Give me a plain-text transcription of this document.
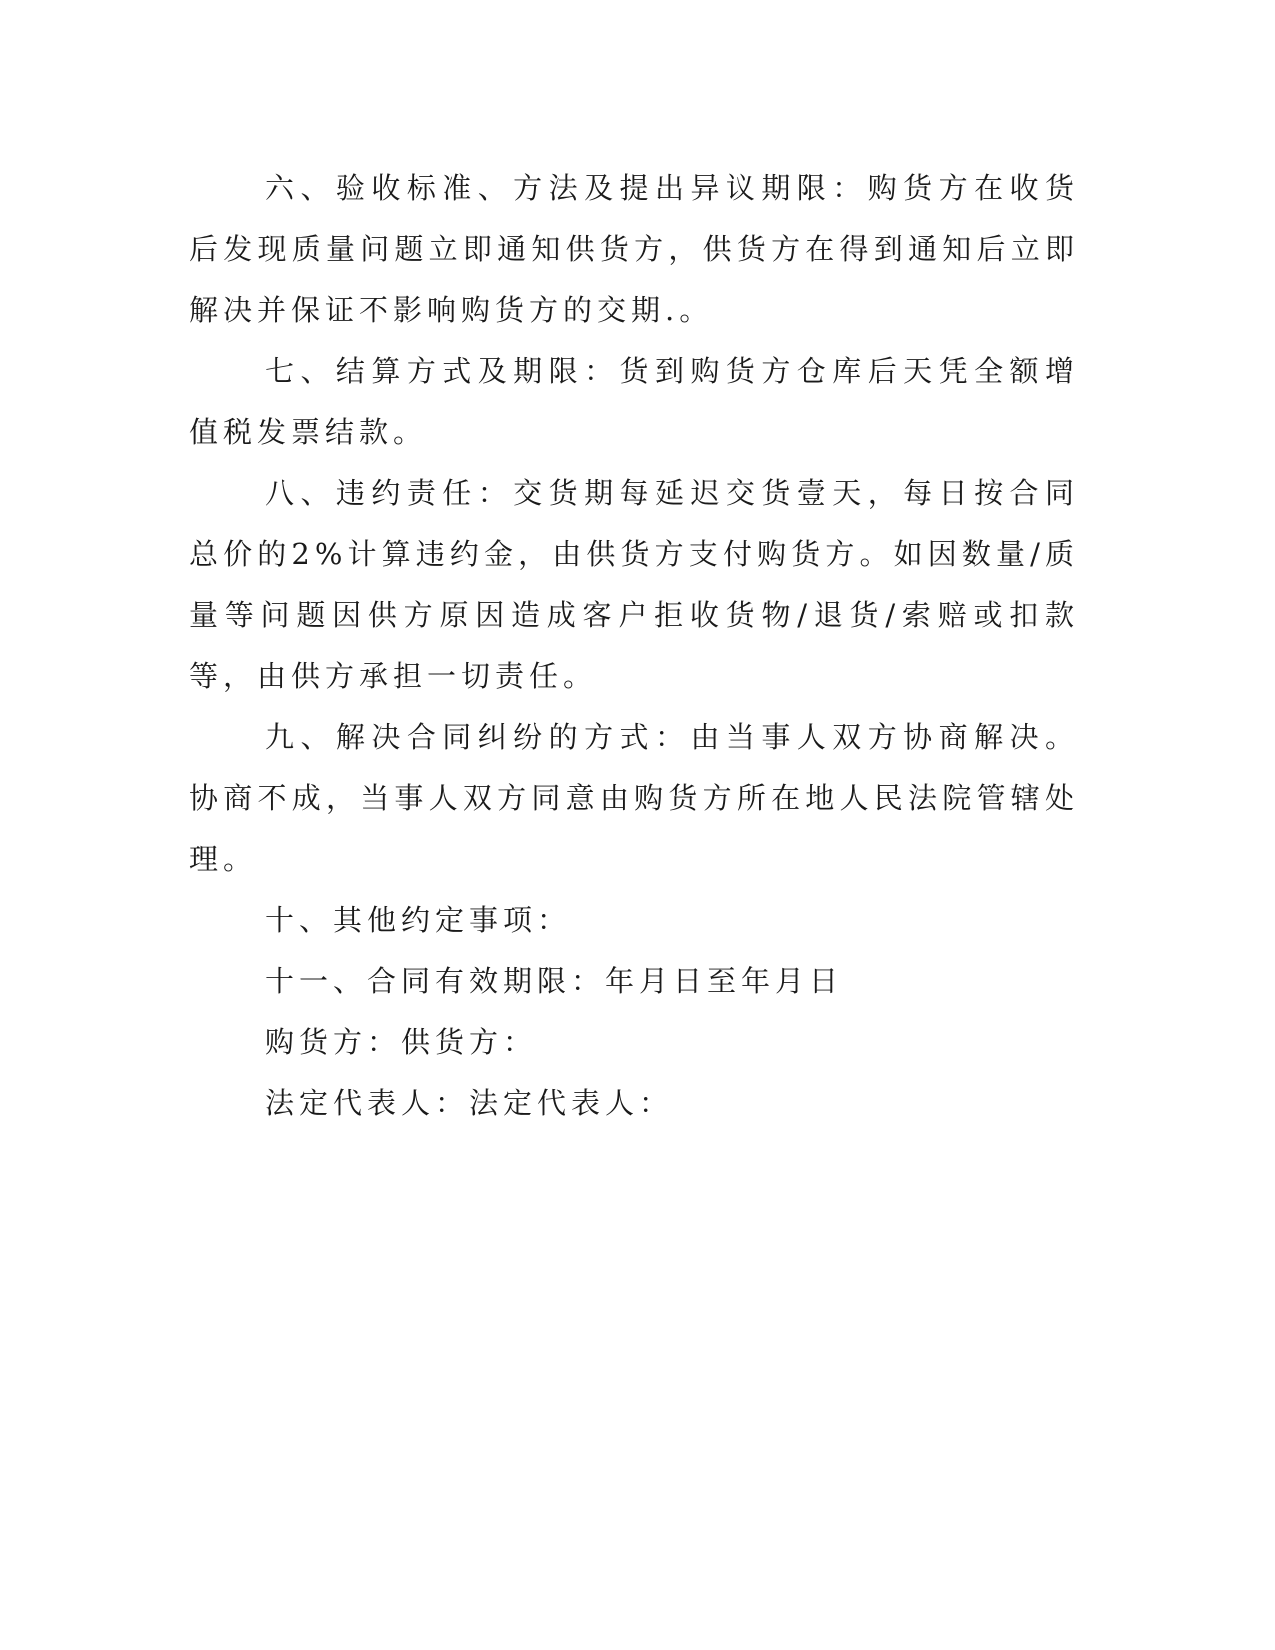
六、验收标准、方法及提出异议期限：购货方在收货后发现质量问题立即通知供货方，供货方在得到通知后立即解决并保证不影响购货方的交期.。

七、结算方式及期限：货到购货方仓库后天凭全额增值税发票结款。

八、违约责任：交货期每延迟交货壹天，每日按合同总价的2%计算违约金，由供货方支付购货方。如因数量/质量等问题因供方原因造成客户拒收货物/退货/索赔或扣款等，由供方承担一切责任。

九、解决合同纠纷的方式：由当事人双方协商解决。协商不成，当事人双方同意由购货方所在地人民法院管辖处理。

十、其他约定事项：

十一、合同有效期限：年月日至年月日

购货方：供货方：

法定代表人：法定代表人：
